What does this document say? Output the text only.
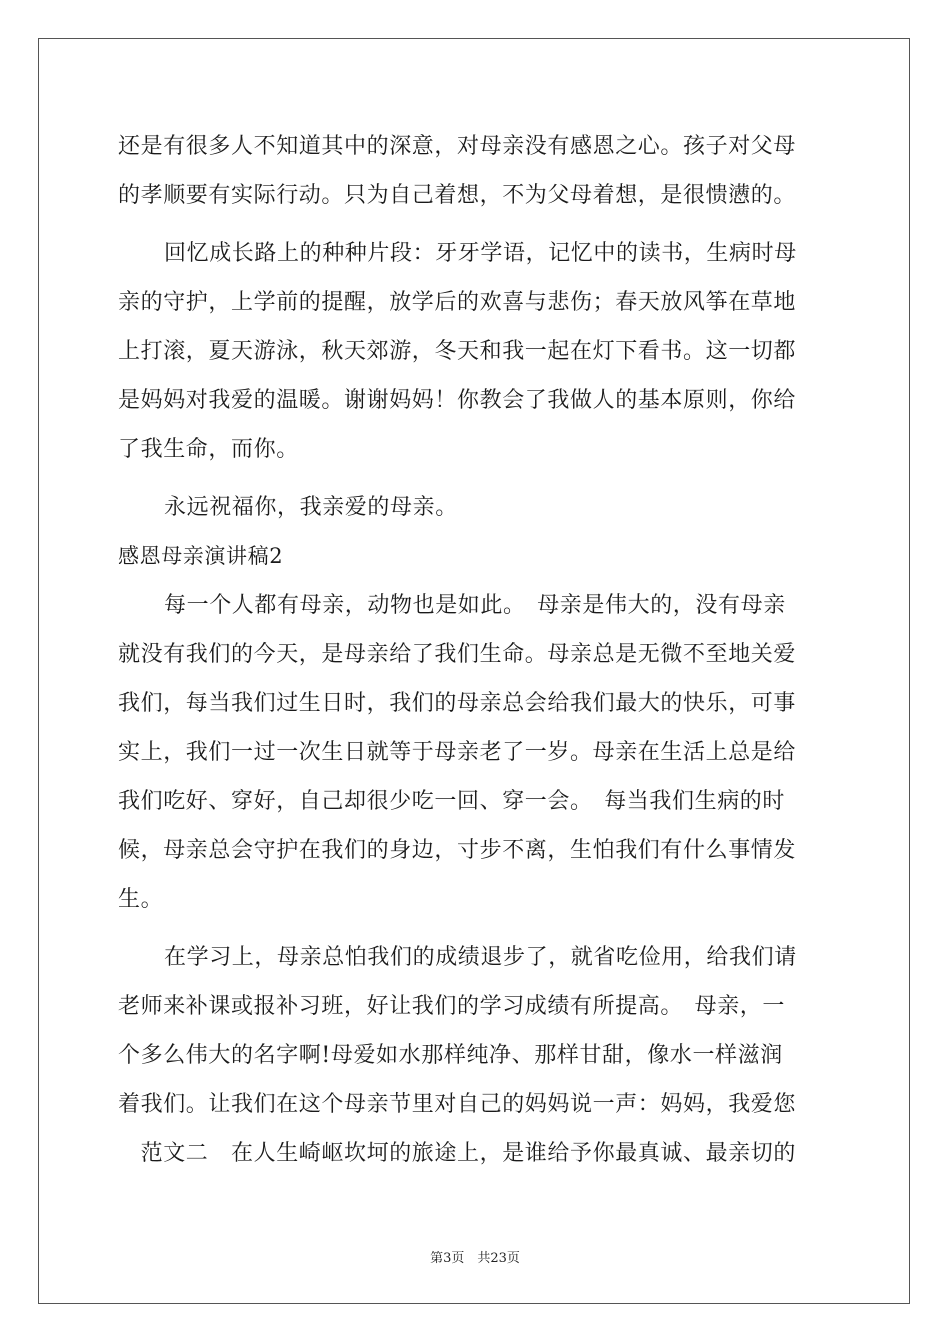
还是有很多人不知道其中的深意，对母亲没有感恩之心。孩子对父母
的孝顺要有实际行动。只为自己着想，不为父母着想，是很愦懑的。
回忆成长路上的种种片段：牙牙学语，记忆中的读书，生病时母
亲的守护，上学前的提醒，放学后的欢喜与悲伤；春天放风筝在草地
上打滚，夏天游泳，秋天郊游，冬天和我一起在灯下看书。这一切都
是妈妈对我爱的温暖。谢谢妈妈！你教会了我做人的基本原则，你给
了我生命，而你。
永远祝福你，我亲爱的母亲。
感恩母亲演讲稿2
每一个人都有母亲，动物也是如此。　母亲是伟大的，没有母亲
就没有我们的今天，是母亲给了我们生命。母亲总是无微不至地关爱
我们，每当我们过生日时，我们的母亲总会给我们最大的快乐，可事
实上，我们一过一次生日就等于母亲老了一岁。母亲在生活上总是给
我们吃好、穿好，自己却很少吃一回、穿一会。　每当我们生病的时
候，母亲总会守护在我们的身边，寸步不离，生怕我们有什么事情发
生。
在学习上，母亲总怕我们的成绩退步了，就省吃俭用，给我们请
老师来补课或报补习班，好让我们的学习成绩有所提高。　母亲，一
个多么伟大的名字啊!母爱如水那样纯净、那样甘甜，像水一样滋润
着我们。让我们在这个母亲节里对自己的妈妈说一声：妈妈，我爱您
　范文二　在人生崎岖坎坷的旅途上，是谁给予你最真诚、最亲切的
第3页　共23页
